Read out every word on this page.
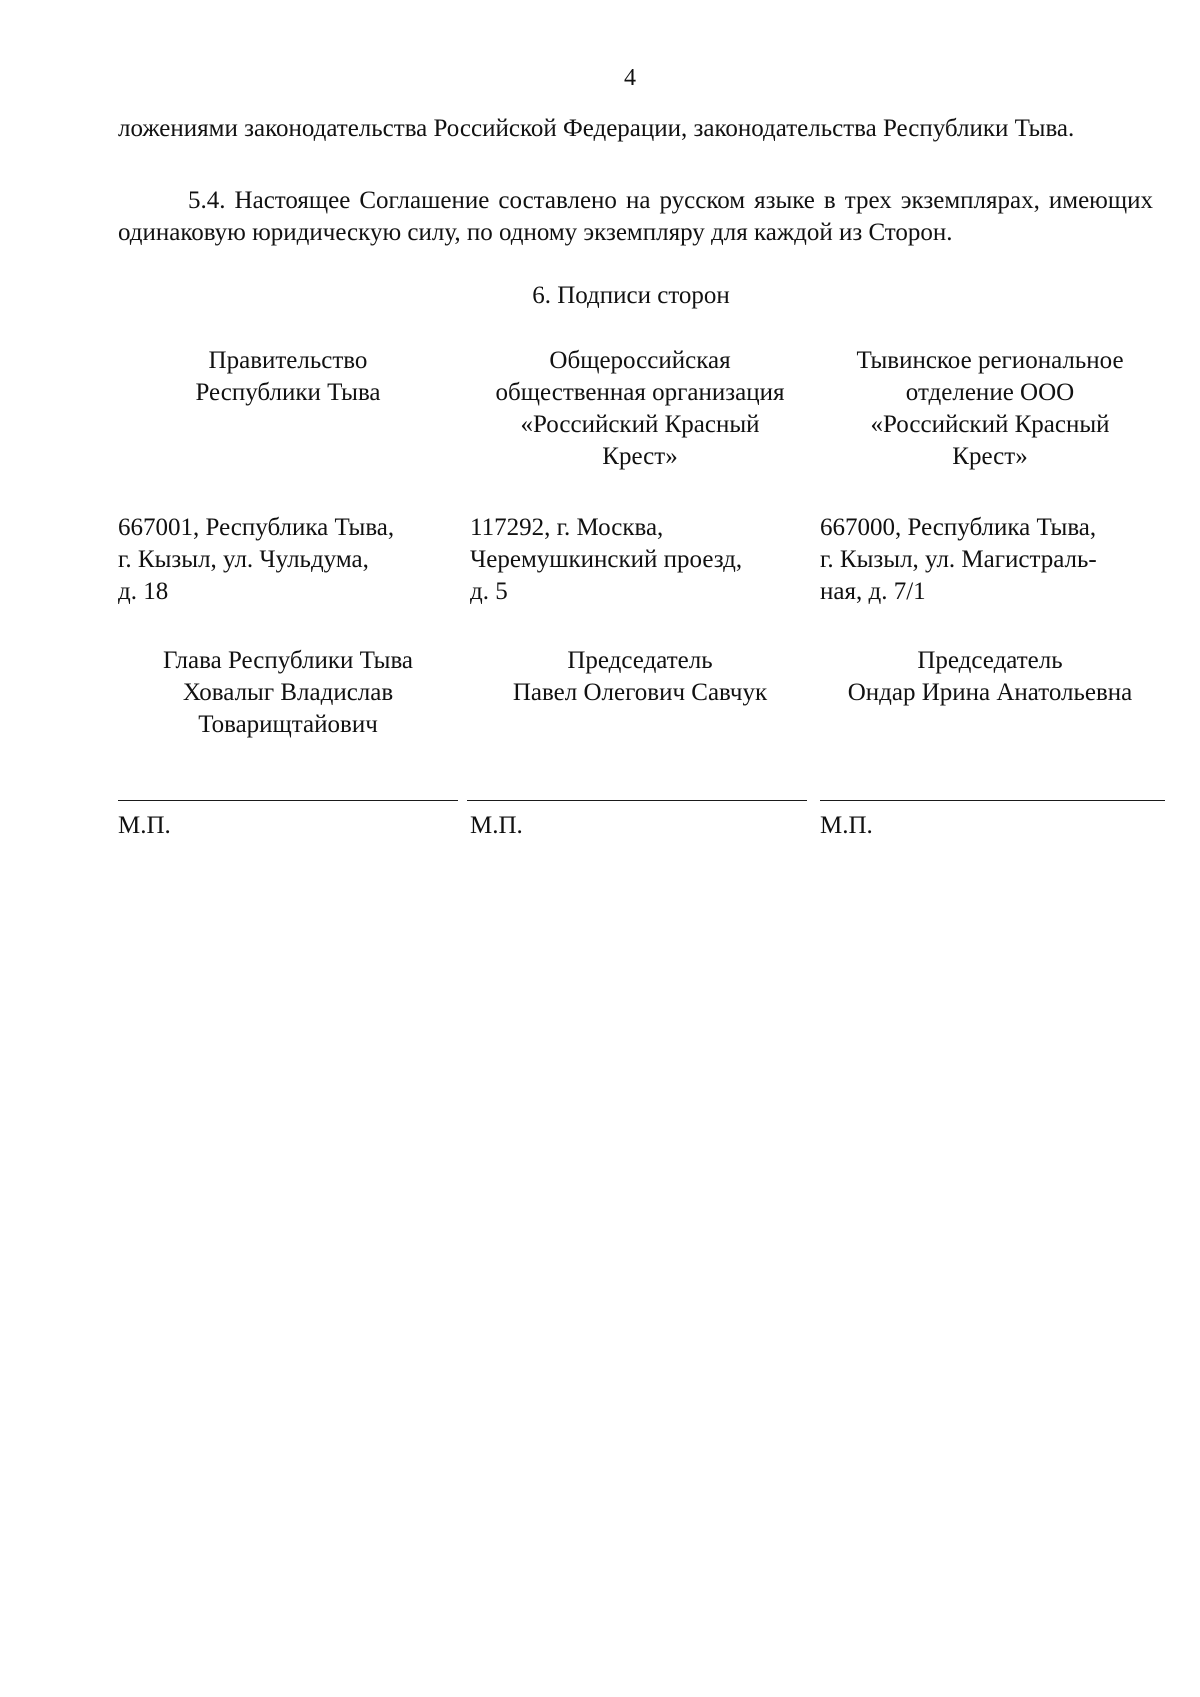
4
ложениями законодательства Российской Федерации, законодательства Республики Тыва.
5.4. Настоящее Соглашение составлено на русском языке в трех экземплярах, имеющих одинаковую юридическую силу, по одному экземпляру для каждой из Сторон.
6. Подписи сторон
Правительство
Республики Тыва
Общероссийская
общественная организация
«Российский Красный
Крест»
Тывинское региональное
отделение ООО
«Российский Красный
Крест»
667001, Республика Тыва,
г. Кызыл, ул. Чульдума,
д. 18
117292, г. Москва,
Черемушкинский проезд,
д. 5
667000, Республика Тыва,
г. Кызыл, ул. Магистраль-
ная, д. 7/1
Глава Республики Тыва
Ховалыг Владислав
Товарищтайович
Председатель
Павел Олегович Савчук
Председатель
Ондар Ирина Анатольевна
М.П.	М.П.	М.П.
